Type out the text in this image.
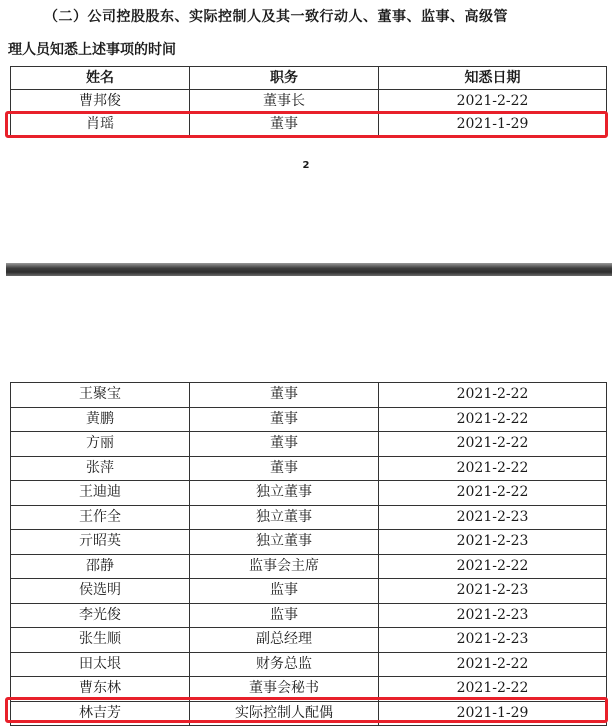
（二）公司控股股东、实际控制人及其一致行动人、董事、监事、高级管
理人员知悉上述事项的时间
姓名	职务	知悉日期
曹邦俊	董事长	2021-2-22
肖瑶	董事	2021-1-29
2
王聚宝	董事	2021-2-22
黄鹏	董事	2021-2-22
方丽	董事	2021-2-22
张萍	董事	2021-2-22
王迪迪	独立董事	2021-2-22
王作全	独立董事	2021-2-23
亓昭英	独立董事	2021-2-23
邵静	监事会主席	2021-2-22
侯选明	监事	2021-2-23
李光俊	监事	2021-2-23
张生顺	副总经理	2021-2-23
田太垠	财务总监	2021-2-22
曹东林	董事会秘书	2021-2-22
林吉芳	实际控制人配偶	2021-1-29
